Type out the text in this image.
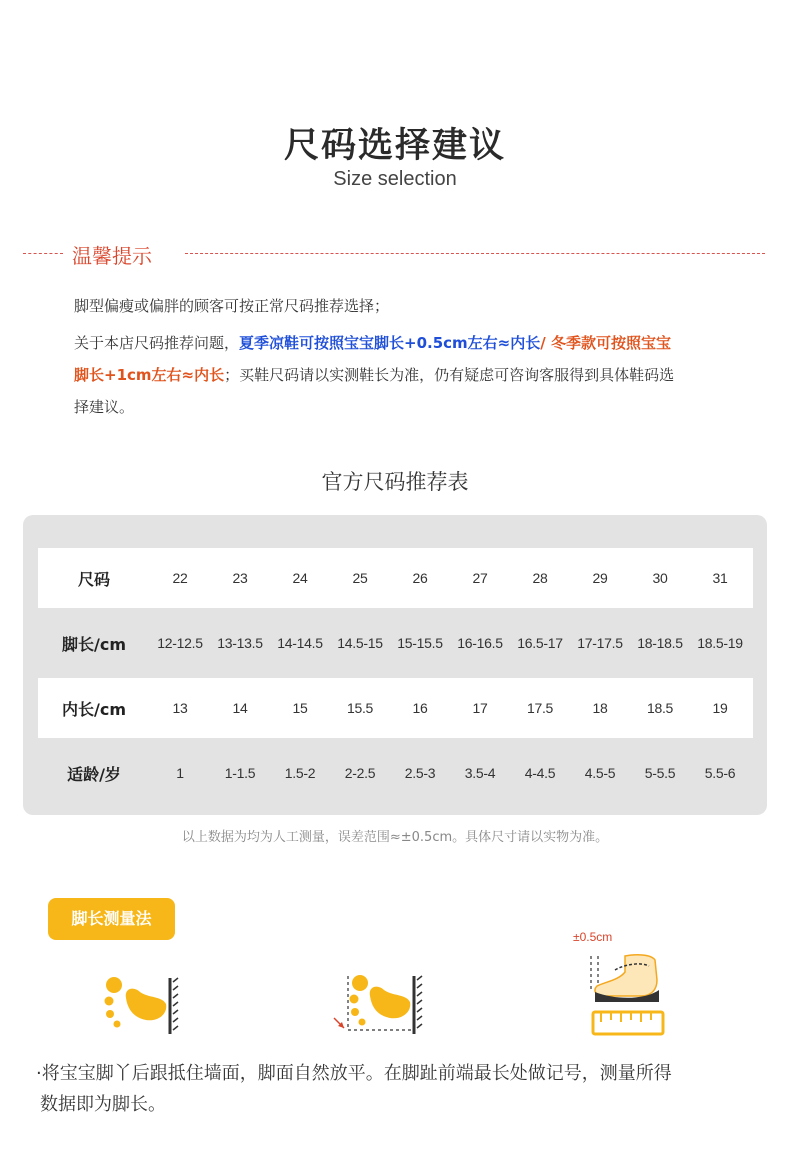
尺码选择建议
Size selection
温馨提示
脚型偏瘦或偏胖的顾客可按正常尺码推荐选择；
关于本店尺码推荐问题，夏季凉鞋可按照宝宝脚长+0.5cm左右≈内长/ 冬季款可按照宝宝
脚长+1cm左右≈内长；买鞋尺码请以实测鞋长为准，仍有疑虑可咨询客服得到具体鞋码选
择建议。
官方尺码推荐表
尺码	22	23	24	25	26	27	28	29	30	31
脚长/cm	12-12.5	13-13.5	14-14.5	14.5-15	15-15.5	16-16.5	16.5-17	17-17.5	18-18.5	18.5-19
内长/cm	13	14	15	15.5	16	17	17.5	18	18.5	19
适龄/岁	1	1-1.5	1.5-2	2-2.5	2.5-3	3.5-4	4-4.5	4.5-5	5-5.5	5.5-6
以上数据为均为人工测量，误差范围≈±0.5cm。具体尺寸请以实物为准。
脚长测量法
±0.5cm
·将宝宝脚丫后跟抵住墙面，脚面自然放平。在脚趾前端最长处做记号，测量所得
数据即为脚长。
